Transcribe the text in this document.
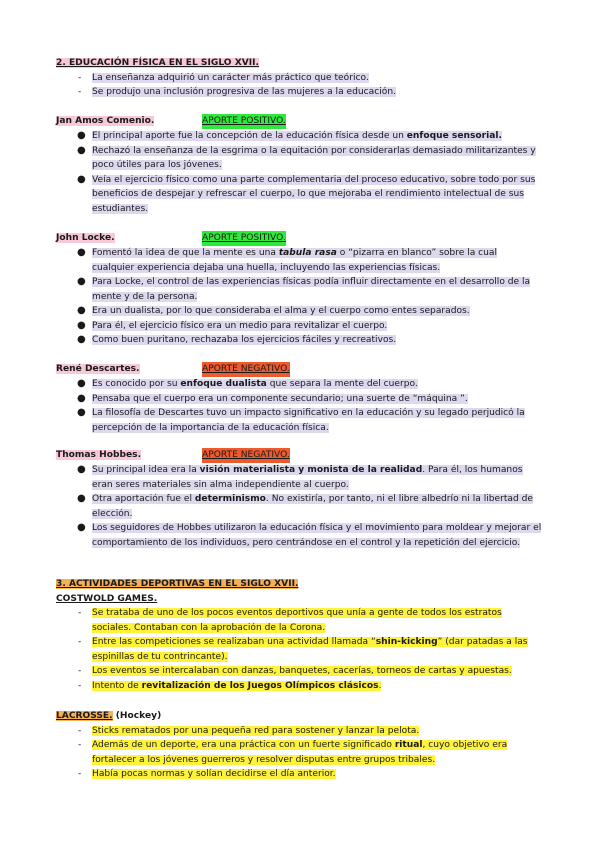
2. EDUCACIÓN FÍSICA EN EL SIGLO XVII.
- La enseñanza adquirió un carácter más práctico que teórico.
- Se produjo una inclusión progresiva de las mujeres a la educación.
Jan Amos Comenio.	APORTE POSITIVO.
● El principal aporte fue la concepción de la educación física desde un enfoque sensorial.
● Rechazó la enseñanza de la esgrima o la equitación por considerarlas demasiado militarizantes y poco útiles para los jóvenes.
● Veía el ejercicio físico como una parte complementaria del proceso educativo, sobre todo por sus beneficios de despejar y refrescar el cuerpo, lo que mejoraba el rendimiento intelectual de sus estudiantes.
John Locke.	APORTE POSITIVO.
● Fomentó la idea de que la mente es una tabula rasa o “pizarra en blanco” sobre la cual cualquier experiencia dejaba una huella, incluyendo las experiencias físicas.
● Para Locke, el control de las experiencias físicas podía influir directamente en el desarrollo de la mente y de la persona.
● Era un dualista, por lo que consideraba el alma y el cuerpo como entes separados.
● Para él, el ejercicio físico era un medio para revitalizar el cuerpo.
● Como buen puritano, rechazaba los ejercicios fáciles y recreativos.
René Descartes.	APORTE NEGATIVO.
● Es conocido por su enfoque dualista que separa la mente del cuerpo.
● Pensaba que el cuerpo era un componente secundario; una suerte de “máquina ”.
● La filosofía de Descartes tuvo un impacto significativo en la educación y su legado perjudicó la percepción de la importancia de la educación física.
Thomas Hobbes.	APORTE NEGATIVO.
● Su principal idea era la visión materialista y monista de la realidad. Para él, los humanos eran seres materiales sin alma independiente al cuerpo.
● Otra aportación fue el determinismo. No existiría, por tanto, ni el libre albedrío ni la libertad de elección.
● Los seguidores de Hobbes utilizaron la educación física y el movimiento para moldear y mejorar el comportamiento de los individuos, pero centrándose en el control y la repetición del ejercicio.
3. ACTIVIDADES DEPORTIVAS EN EL SIGLO XVII.
COSTWOLD GAMES.
- Se trataba de uno de los pocos eventos deportivos que unía a gente de todos los estratos sociales. Contaban con la aprobación de la Corona.
- Entre las competiciones se realizaban una actividad llamada “shin-kicking” (dar patadas a las espinillas de tu contrincante).
- Los eventos se intercalaban con danzas, banquetes, cacerías, torneos de cartas y apuestas.
- Intento de revitalización de los Juegos Olímpicos clásicos.
LACROSSE. (Hockey)
- Sticks rematados por una pequeña red para sostener y lanzar la pelota.
- Además de un deporte, era una práctica con un fuerte significado ritual, cuyo objetivo era fortalecer a los jóvenes guerreros y resolver disputas entre grupos tribales.
- Había pocas normas y solían decidirse el día anterior.
